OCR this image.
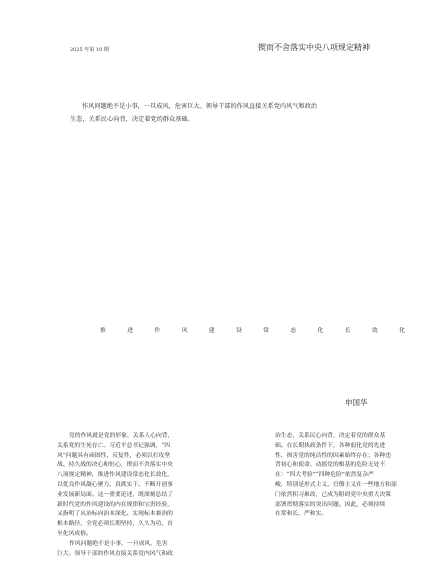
2025 年第 10 期	锲而不舍落实中央八项规定精神

作风问题绝不是小事，一旦成风，危害巨大。领导干部的作风直接关系党内风气和政治

生态，关系民心向背，决定着党的群众基础。

推	进	作	风	建	设	常	态	化	长	效	化
申国华

党的作风就是党的形象，关系人心向背，

关系党的生死存亡。习近平总书记强调，“四

风”问题具有顽固性、反复性，必须以打攻坚

战、持久战的决心和恒心，锲而不舍落实中央

八项规定精神，推进作风建设常态化长效化，

以优良作风凝心聚力、真抓实干、不断开创事

业发展新局面。这一重要论述，既深刻总结了

新时代党的作风建设的内在规律和宝贵经验，

又指明了从治标向治本深化、实现标本兼治的

根本路径，全党必须长期坚持、久久为功，直

至化风成俗。

作风问题绝不是小事，一旦成风，危害

巨大。领导干部的作风直接关系党内风气和政

治生态，关系民心向背，决定着党的群众基

础。在长期执政条件下，各种弱化党的先进

性、损害党的纯洁性的因素始终存在；各种违

背初心和使命、动摇党的根基的危险无处不

在：“四大考验”“四种危险”依然复杂严

峻，特别是形式主义、官僚主义在一些地方和部

门依然积习难改，已成为阻碍党中央重大决策

部署贯彻落实的突出问题。因此，必须持续

在常和长、严和实。
